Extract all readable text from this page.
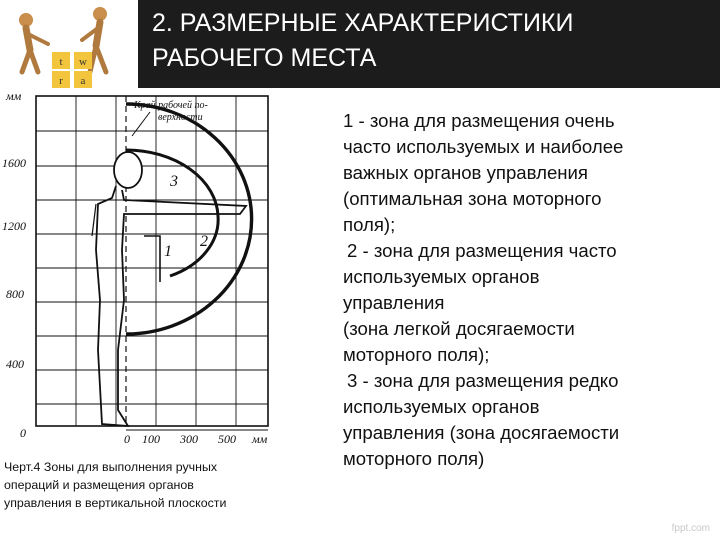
2. РАЗМЕРНЫЕ ХАРАКТЕРИСТИКИ
РАБОЧЕГО МЕСТА
t w
r a
мм
1600
1200
800
400
0	0 100 300 500 мм
Край рабочей по-
верхности
3
1
2
Черт.4 Зоны для выполнения ручных
операций и размещения органов
управления в вертикальной плоскости

1 - зона для размещения очень

часто используемых и наиболее

важных органов управления

(оптимальная зона моторного

поля);

2 - зона для размещения часто

используемых органов

управления

(зона легкой досягаемости

моторного поля);

3 - зона для размещения редко

используемых органов

управления (зона досягаемости

моторного поля)

fppt.com
